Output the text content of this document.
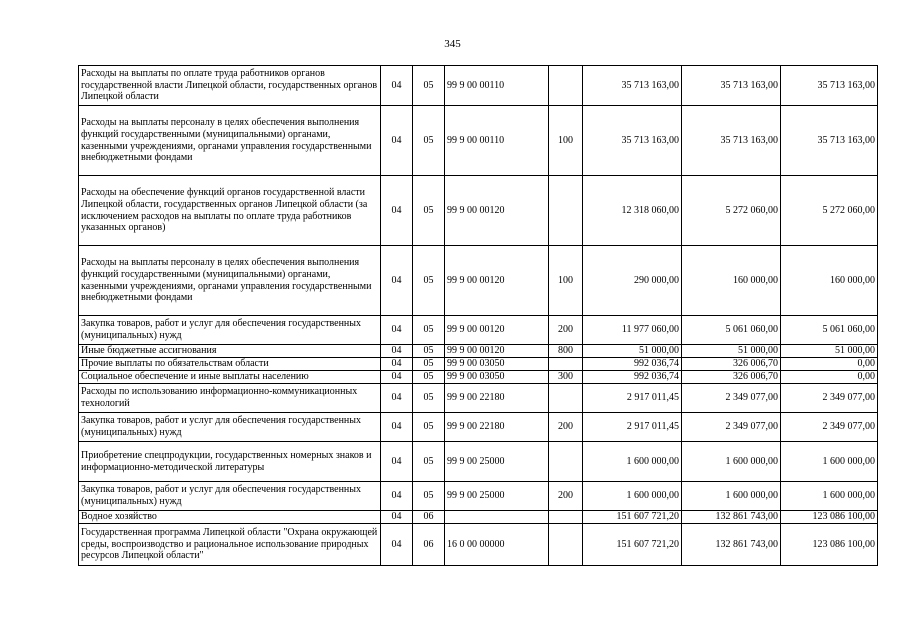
345
Расходы на выплаты по оплате труда работников органов государственной власти Липецкой области, государственных органов Липецкой области	04	05	99 9 00 00110		35 713 163,00	35 713 163,00	35 713 163,00
Расходы на выплаты персоналу в целях обеспечения выполнения функций государственными (муниципальными) органами, казенными учреждениями, органами управления государственными внебюджетными фондами	04	05	99 9 00 00110	100	35 713 163,00	35 713 163,00	35 713 163,00
Расходы на обеспечение функций органов государственной власти Липецкой области, государственных органов Липецкой области (за исключением расходов на выплаты по оплате труда работников указанных органов)	04	05	99 9 00 00120		12 318 060,00	5 272 060,00	5 272 060,00
Расходы на выплаты персоналу в целях обеспечения выполнения функций государственными (муниципальными) органами, казенными учреждениями, органами управления государственными внебюджетными фондами	04	05	99 9 00 00120	100	290 000,00	160 000,00	160 000,00
Закупка товаров, работ и услуг для обеспечения государственных (муниципальных) нужд	04	05	99 9 00 00120	200	11 977 060,00	5 061 060,00	5 061 060,00
Иные бюджетные ассигнования	04	05	99 9 00 00120	800	51 000,00	51 000,00	51 000,00
Прочие выплаты по обязательствам области	04	05	99 9 00 03050		992 036,74	326 006,70	0,00
Социальное обеспечение и иные выплаты населению	04	05	99 9 00 03050	300	992 036,74	326 006,70	0,00
Расходы по использованию информационно-коммуникационных технологий	04	05	99 9 00 22180		2 917 011,45	2 349 077,00	2 349 077,00
Закупка товаров, работ и услуг для обеспечения государственных (муниципальных) нужд	04	05	99 9 00 22180	200	2 917 011,45	2 349 077,00	2 349 077,00
Приобретение спецпродукции, государственных номерных знаков и информационно-методической литературы	04	05	99 9 00 25000		1 600 000,00	1 600 000,00	1 600 000,00
Закупка товаров, работ и услуг для обеспечения государственных (муниципальных) нужд	04	05	99 9 00 25000	200	1 600 000,00	1 600 000,00	1 600 000,00
Водное хозяйство	04	06			151 607 721,20	132 861 743,00	123 086 100,00
Государственная программа Липецкой области "Охрана окружающей среды, воспроизводство и рациональное использование природных ресурсов Липецкой области"	04	06	16 0 00 00000		151 607 721,20	132 861 743,00	123 086 100,00
